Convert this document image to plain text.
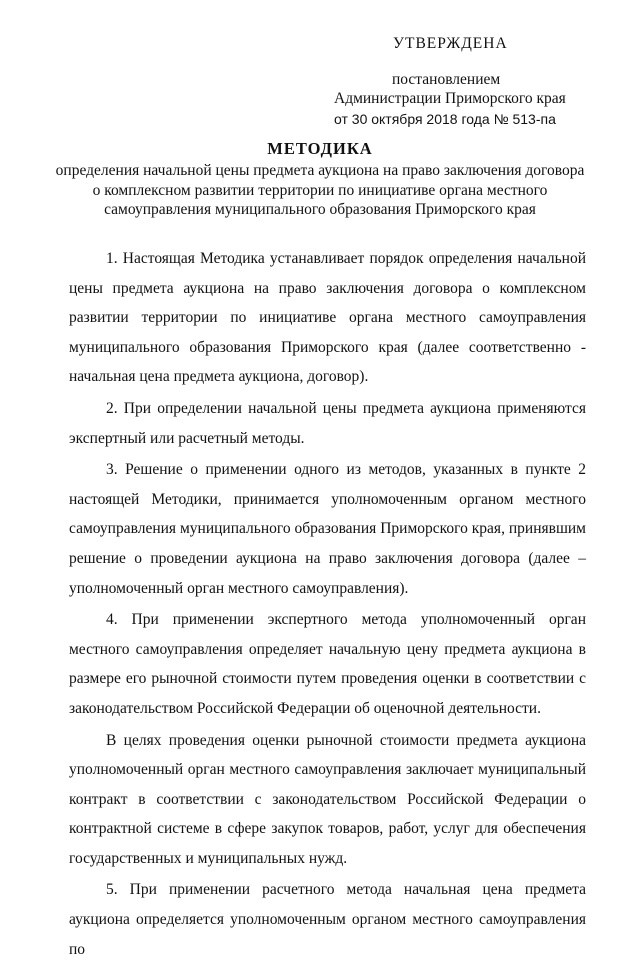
УТВЕРЖДЕНА
постановлением
Администрации Приморского края
от 30 октября 2018 года № 513-па
МЕТОДИКА
определения начальной цены предмета аукциона на право заключения договора о комплексном развитии территории по инициативе органа местного самоуправления муниципального образования Приморского края

1. Настоящая Методика устанавливает порядок определения начальной цены предмета аукциона на право заключения договора о комплексном развитии территории по инициативе органа местного самоуправления муниципального образования Приморского края (далее соответственно - начальная цена предмета аукциона, договор).

2. При определении начальной цены предмета аукциона применяются экспертный или расчетный методы.

3. Решение о применении одного из методов, указанных в пункте 2 настоящей Методики, принимается уполномоченным органом местного самоуправления муниципального образования Приморского края, принявшим решение о проведении аукциона на право заключения договора (далее – уполномоченный орган местного самоуправления).

4. При применении экспертного метода уполномоченный орган местного самоуправления определяет начальную цену предмета аукциона в размере его рыночной стоимости путем проведения оценки в соответствии с законодательством Российской Федерации об оценочной деятельности.

В целях проведения оценки рыночной стоимости предмета аукциона уполномоченный орган местного самоуправления заключает муниципальный контракт в соответствии с законодательством Российской Федерации о контрактной системе в сфере закупок товаров, работ, услуг для обеспечения государственных и муниципальных нужд.

5. При применении расчетного метода начальная цена предмета аукциона определяется уполномоченным органом местного самоуправления по
